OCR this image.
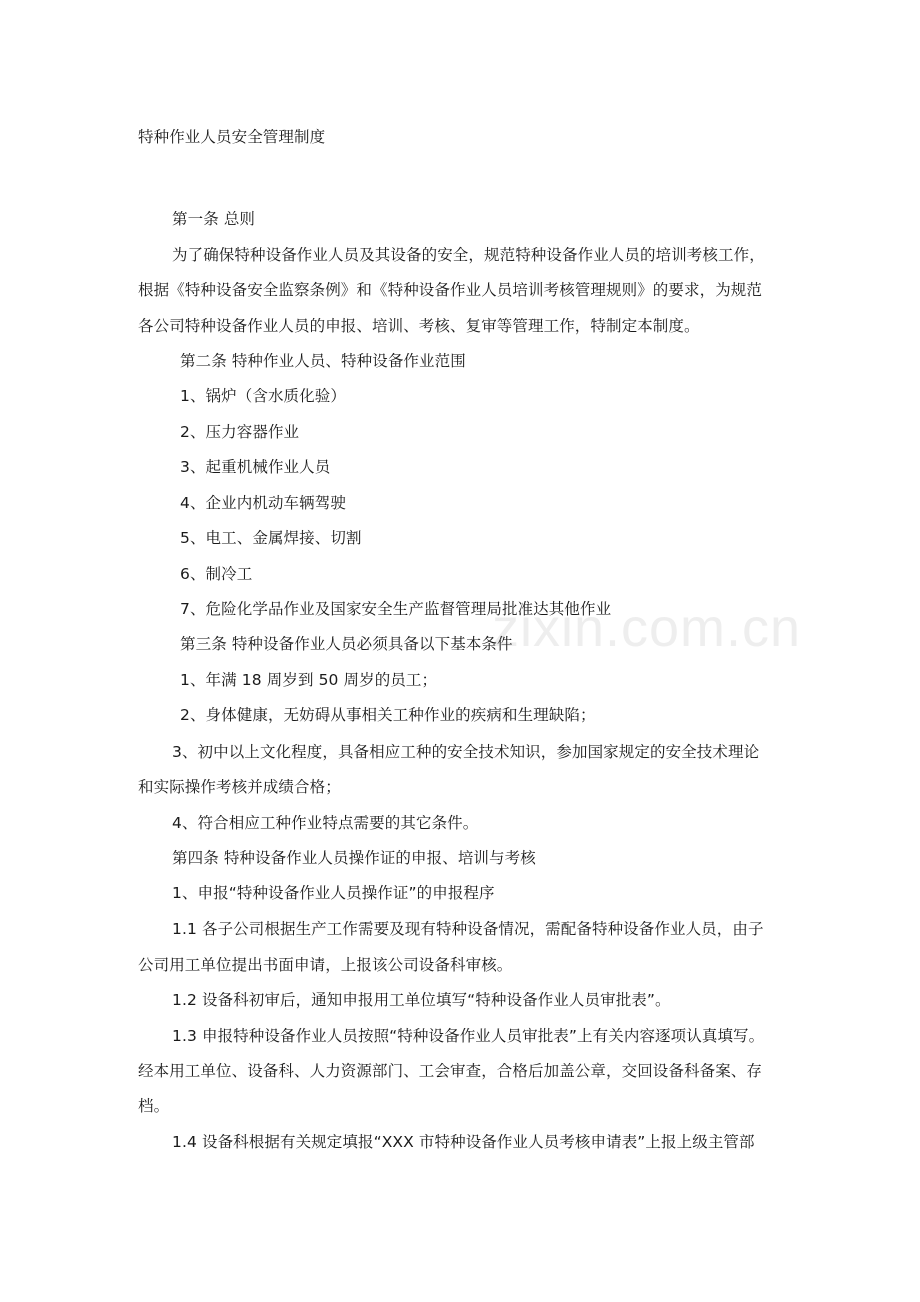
特种作业人员安全管理制度
第一条 总则
为了确保特种设备作业人员及其设备的安全，规范特种设备作业人员的培训考核工作，
根据《特种设备安全监察条例》和《特种设备作业人员培训考核管理规则》的要求，为规范
各公司特种设备作业人员的申报、培训、考核、复审等管理工作，特制定本制度。
第二条 特种作业人员、特种设备作业范围
1、锅炉（含水质化验）
2、压力容器作业
3、起重机械作业人员
4、企业内机动车辆驾驶
5、电工、金属焊接、切割
6、制冷工
7、危险化学品作业及国家安全生产监督管理局批准达其他作业
第三条 特种设备作业人员必须具备以下基本条件
1、年满 18 周岁到 50 周岁的员工；
2、身体健康，无妨碍从事相关工种作业的疾病和生理缺陷；
3、初中以上文化程度，具备相应工种的安全技术知识，参加国家规定的安全技术理论
和实际操作考核并成绩合格；
4、符合相应工种作业特点需要的其它条件。
第四条 特种设备作业人员操作证的申报、培训与考核
1、申报“特种设备作业人员操作证”的申报程序
1.1 各子公司根据生产工作需要及现有特种设备情况，需配备特种设备作业人员，由子
公司用工单位提出书面申请，上报该公司设备科审核。
1.2 设备科初审后，通知申报用工单位填写“特种设备作业人员审批表”。
1.3 申报特种设备作业人员按照“特种设备作业人员审批表”上有关内容逐项认真填写。
经本用工单位、设备科、人力资源部门、工会审查，合格后加盖公章，交回设备科备案、存
档。
1.4 设备科根据有关规定填报“XXX 市特种设备作业人员考核申请表”上报上级主管部
zixin.com.cn
